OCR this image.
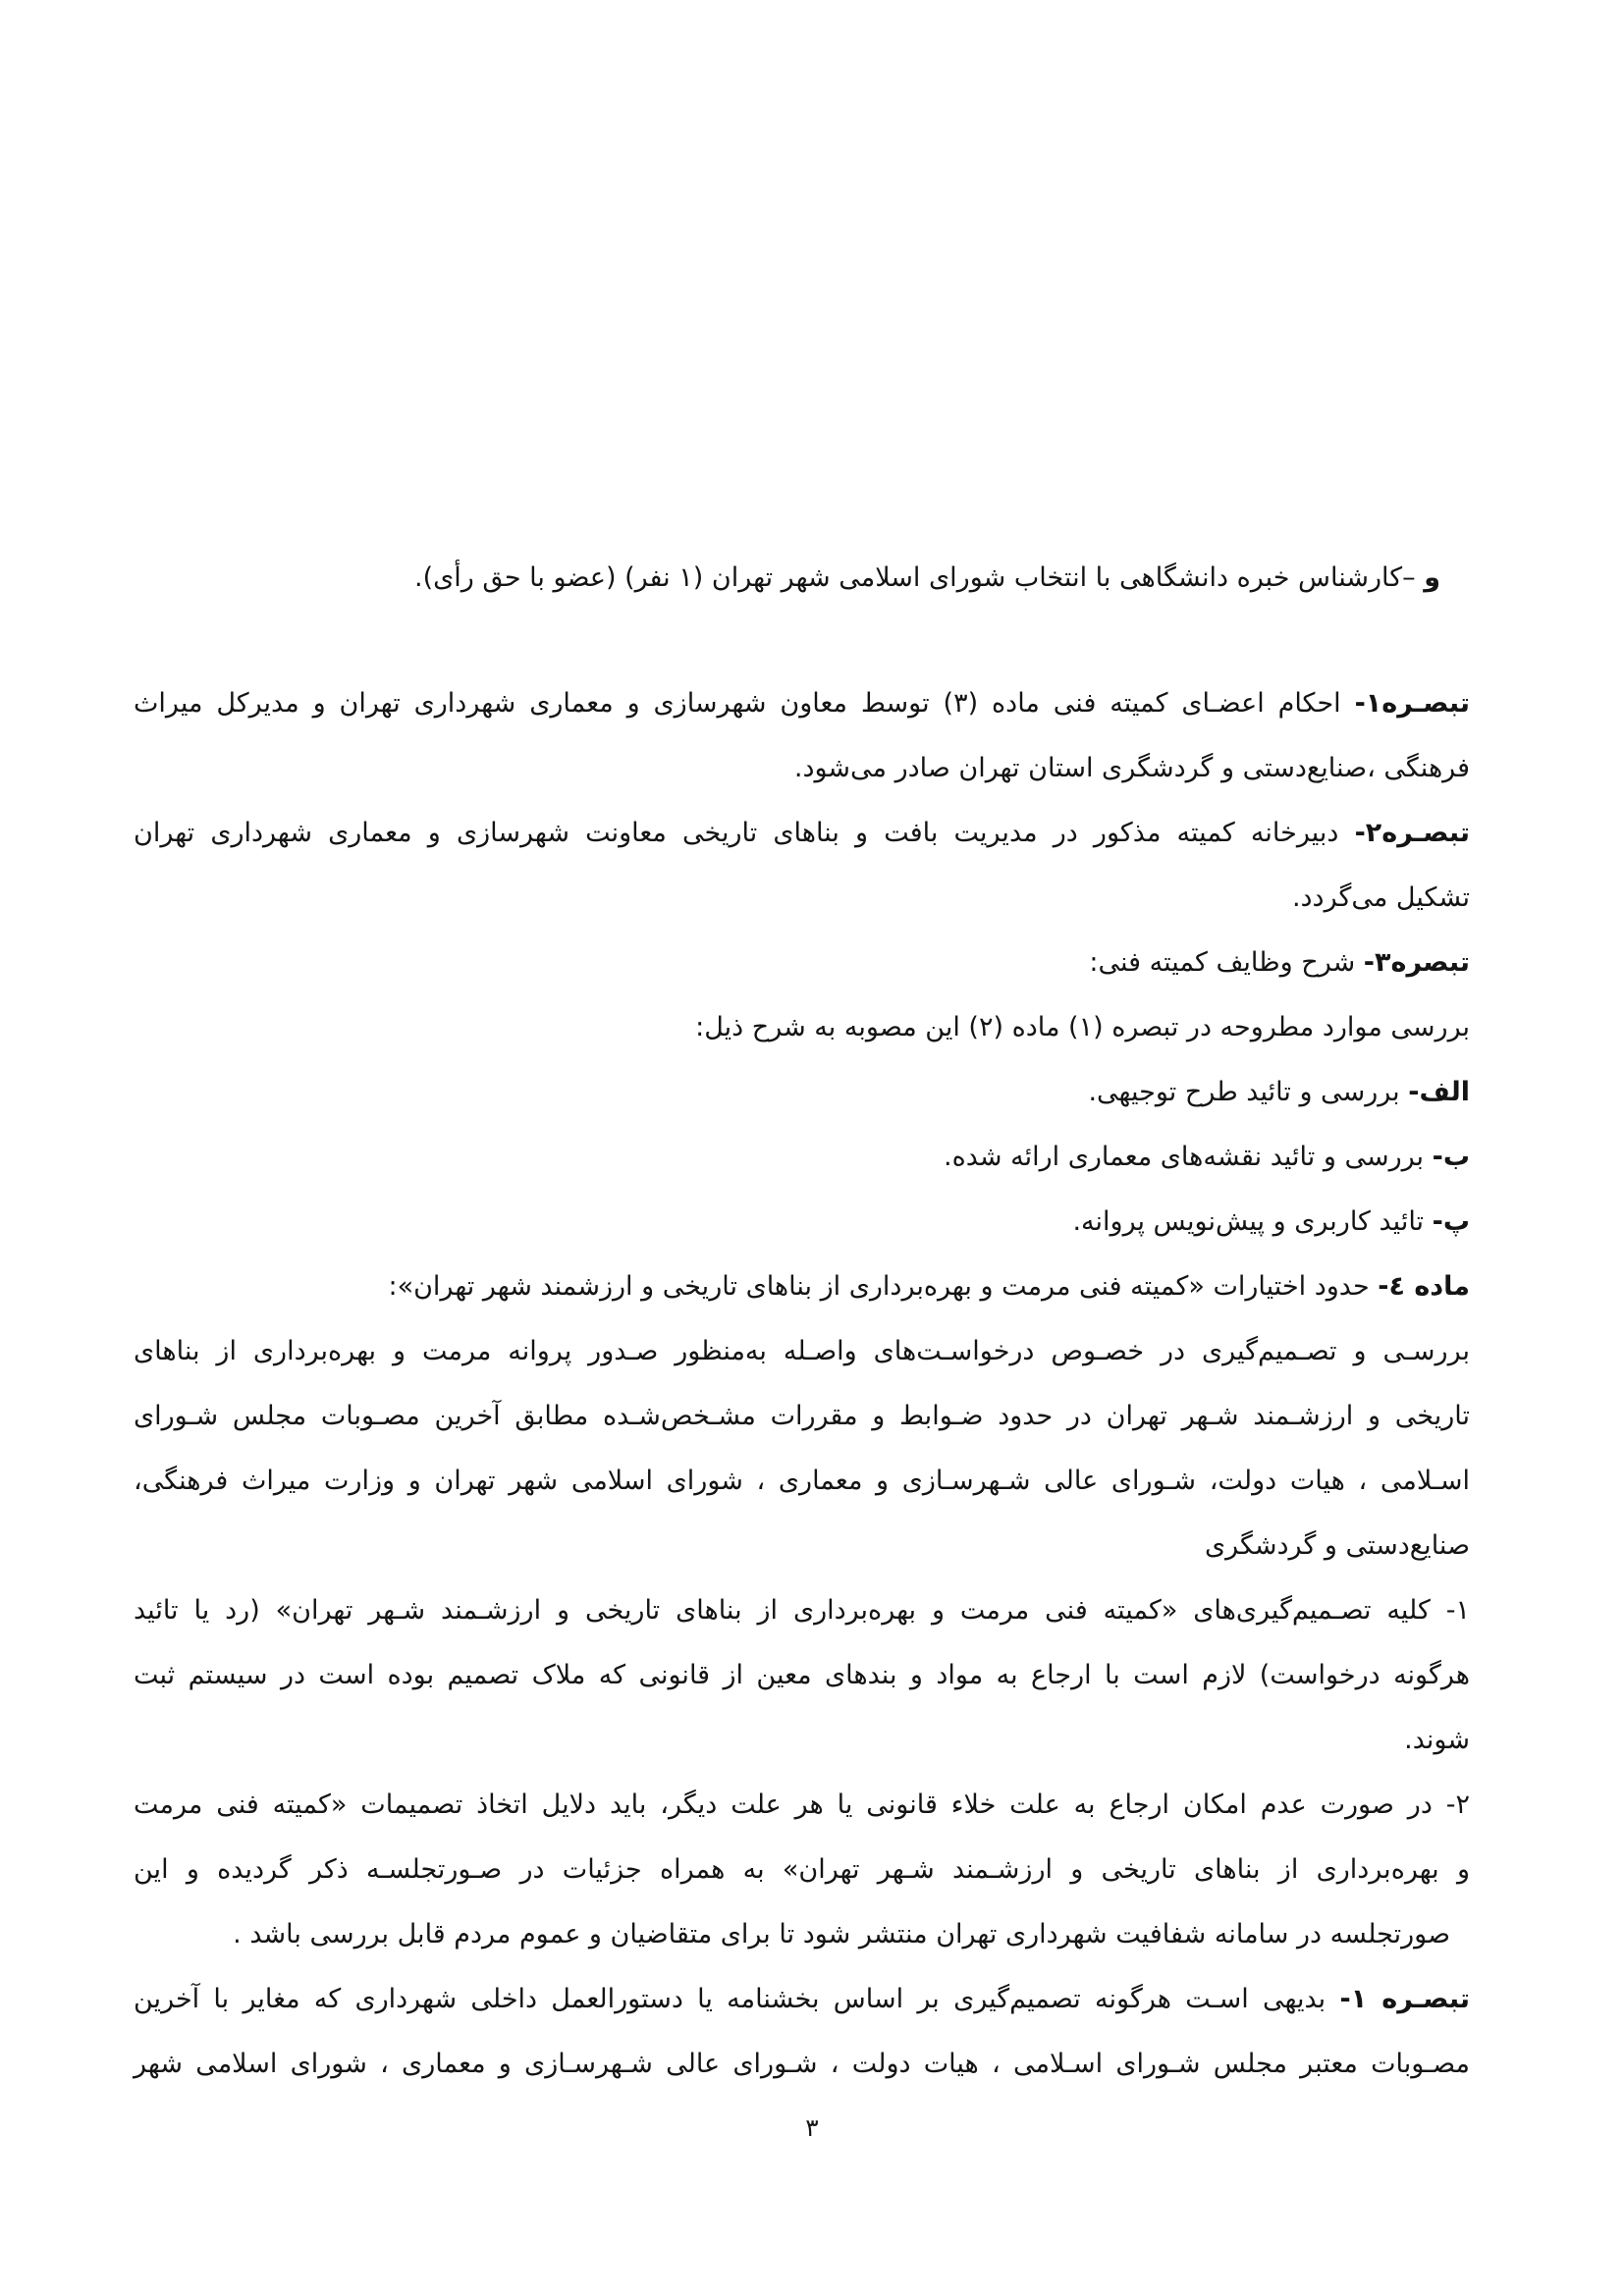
و –کارشناس خبره دانشگاهی با انتخاب شورای اسلامی شهر تهران (۱ نفر) (عضو با حق رأی).
تبصـره۱- احکام اعضـای کمیته فنی ماده (۳) توسط معاون شهرسازی و معماری شهرداری تهران و مدیرکل میراث
فرهنگی ،صنایع‌دستی و گردشگری استان تهران صادر می‌شود.
تبصـره۲- دبیرخانه کمیته مذکور در مدیریت بافت و بناهای تاریخی معاونت شهرسازی و معماری شهرداری تهران
تشکیل می‌گردد.
تبصره۳- شرح وظایف کمیته فنی:
بررسی موارد مطروحه در تبصره (۱) ماده (۲) این مصوبه به شرح ذیل:
الف- بررسی و تائید طرح توجیهی.
ب- بررسی و تائید نقشه‌های معماری ارائه شده.
پ- تائید کاربری و پیش‌نویس پروانه.
ماده ٤- حدود اختیارات «کمیته فنی مرمت و بهره‌برداری از بناهای تاریخی و ارزشمند شهر تهران»:
بررسـی و تصـمیم‌گیری در خصـوص درخواسـت‌های واصـله به‌منظور صـدور پروانه مرمت و بهره‌برداری از بناهای
تاریخی و ارزشـمند شـهر تهران در حدود ضـوابط و مقررات مشـخص‌شـده مطابق آخرین مصـوبات مجلس شـورای
اسـلامی ، هیات دولت، شـورای عالی شـهرسـازی و معماری ، شورای اسلامی شهر تهران و وزارت میراث فرهنگی،
صنایع‌دستی و گردشگری
۱- کلیه تصـمیم‌گیری‌های «کمیته فنی مرمت و بهره‌برداری از بناهای تاریخی و ارزشـمند شـهر تهران» (رد یا تائید
هرگونه درخواست) لازم است با ارجاع به مواد و بندهای معین از قانونی که ملاک تصمیم بوده است در سیستم ثبت
شوند.
۲- در صورت عدم امکان ارجاع به علت خلاء قانونی یا هر علت دیگر، باید دلایل اتخاذ تصمیمات «کمیته فنی مرمت
و بهره‌برداری از بناهای تاریخی و ارزشـمند شـهر تهران» به همراه جزئیات در صـورتجلسـه ذکر گردیده و این
صورتجلسه در سامانه شفافیت شهرداری تهران منتشر شود تا برای متقاضیان و عموم مردم قابل بررسی باشد .
تبصـره ۱- بدیهی اسـت هرگونه تصمیم‌گیری بر اساس بخشنامه یا دستورالعمل داخلی شهرداری که مغایر با آخرین
مصـوبات معتبر مجلس شـورای اسـلامی ، هیات دولت ، شـورای عالی شـهرسـازی و معماری ، شورای اسلامی شهر
۳
